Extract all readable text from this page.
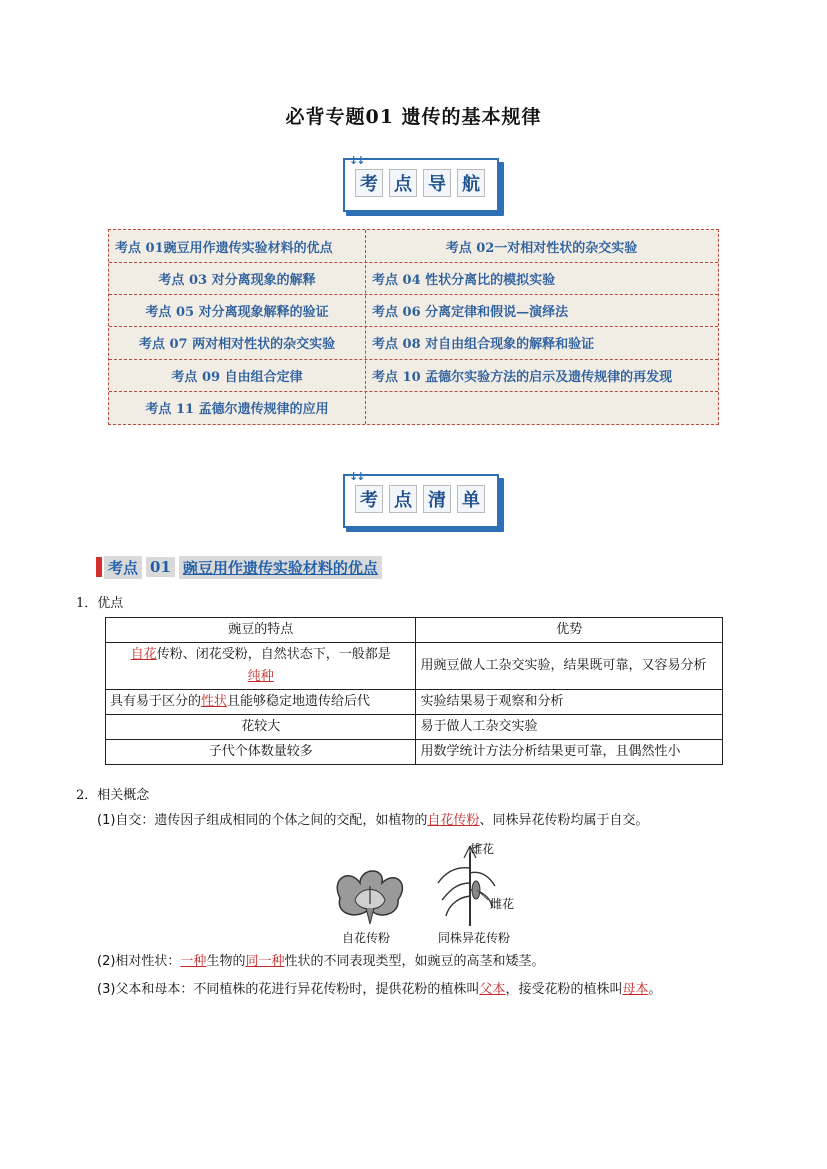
必背专题01 遗传的基本规律
↓↓
考 点 导 航
考点 01豌豆用作遗传实验材料的优点	考点 02一对相对性状的杂交实验
考点 03 对分离现象的解释	考点 04 性状分离比的模拟实验
考点 05 对分离现象解释的验证	考点 06 分离定律和假说—演绎法
考点 07 两对相对性状的杂交实验	考点 08 对自由组合现象的解释和验证
考点 09 自由组合定律	考点 10 孟德尔实验方法的启示及遗传规律的再发现
考点 11 孟德尔遗传规律的应用
↓↓
考 点 清 单
考点 01 豌豆用作遗传实验材料的优点
1．优点
豌豆的特点	优势
自花传粉、闭花受粉，自然状态下，一般都是
纯种	用豌豆做人工杂交实验，结果既可靠，又容易分析
具有易于区分的性状且能够稳定地遗传给后代	实验结果易于观察和分析
花较大	易于做人工杂交实验
子代个体数量较多	用数学统计方法分析结果更可靠，且偶然性小
2．相关概念
(1)自交：遗传因子组成相同的个体之间的交配，如植物的自花传粉、同株异花传粉均属于自交。
雄花
雌花
自花传粉	同株异花传粉
(2)相对性状：一种生物的同一种性状的不同表现类型，如豌豆的高茎和矮茎。
(3)父本和母本：不同植株的花进行异花传粉时，提供花粉的植株叫父本，接受花粉的植株叫母本。
